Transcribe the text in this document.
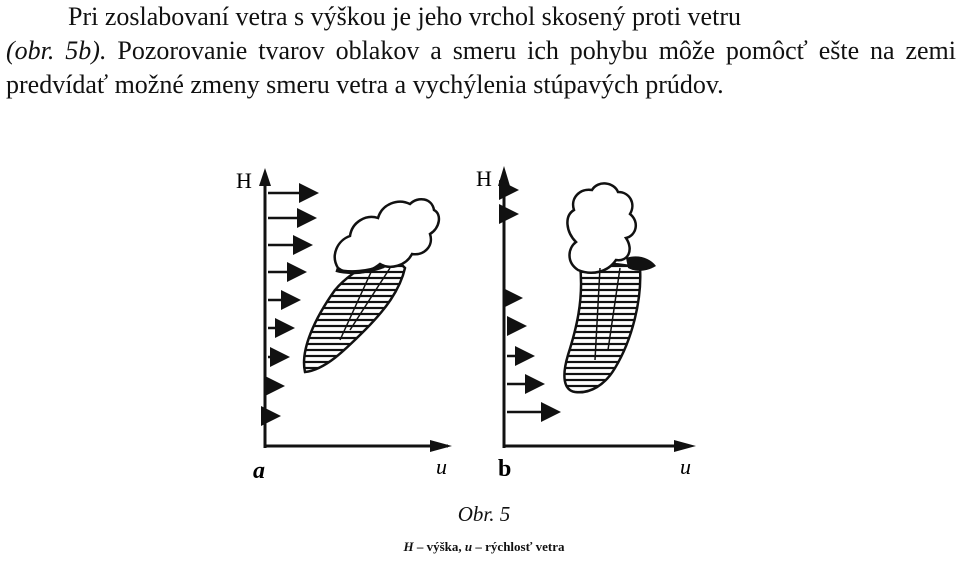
Pri zoslabovaní vetra s výškou je jeho vrchol skosený proti vetru
(obr. 5b). Pozorovanie tvarov oblakov a smeru ich pohybu môže pomôcť ešte na zemi predvídať možné zmeny smeru vetra a vychýlenia stúpavých prúdov.

H
u
H
u
a	b
Obr. 5
H – výška, u – rýchlosť vetra
